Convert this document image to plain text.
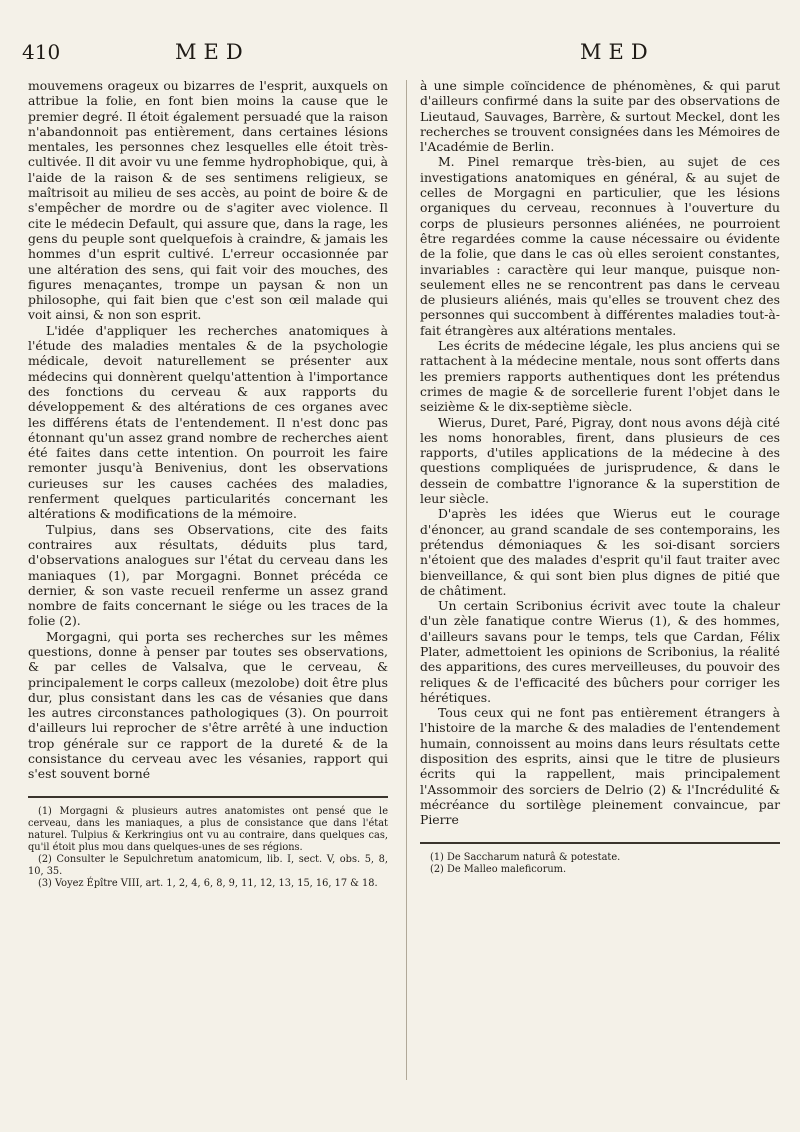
410	MED	MED

mouvemens orageux ou bizarres de l'esprit, auxquels on attribue la folie, en font bien moins la cause que le premier degré. Il étoit également persuadé que la raison n'abandonnoit pas entièrement, dans certaines lésions mentales, les personnes chez lesquelles elle étoit très-cultivée. Il dit avoir vu une femme hydrophobique, qui, à l'aide de la raison & de ses sentimens religieux, se maîtrisoit au milieu de ses accès, au point de boire & de s'empêcher de mordre ou de s'agiter avec violence. Il cite le médecin Default, qui assure que, dans la rage, les gens du peuple sont quelquefois à craindre, & jamais les hommes d'un esprit cultivé. L'erreur occasionnée par une altération des sens, qui fait voir des mouches, des figures menaçantes, trompe un paysan & non un philosophe, qui fait bien que c'est son œil malade qui voit ainsi, & non son esprit.

L'idée d'appliquer les recherches anatomiques à l'étude des maladies mentales & de la psychologie médicale, devoit naturellement se présenter aux médecins qui donnèrent quelqu'attention à l'importance des fonctions du cerveau & aux rapports du développement & des altérations de ces organes avec les différens états de l'entendement. Il n'est donc pas étonnant qu'un assez grand nombre de recherches aient été faites dans cette intention. On pourroit les faire remonter jusqu'à Benivenius, dont les observations curieuses sur les causes cachées des maladies, renferment quelques particularités concernant les altérations & modifications de la mémoire.

Tulpius, dans ses Observations, cite des faits contraires aux résultats, déduits plus tard, d'observations analogues sur l'état du cerveau dans les maniaques (1), par Morgagni. Bonnet précéda ce dernier, & son vaste recueil renferme un assez grand nombre de faits concernant le siége ou les traces de la folie (2).

Morgagni, qui porta ses recherches sur les mêmes questions, donne à penser par toutes ses observations, & par celles de Valsalva, que le cerveau, & principalement le corps calleux (mezolobe) doit être plus dur, plus consistant dans les cas de vésanies que dans les autres circonstances pathologiques (3). On pourroit d'ailleurs lui reprocher de s'être arrêté à une induction trop générale sur ce rapport de la dureté & de la consistance du cerveau avec les vésanies, rapport qui s'est souvent borné

(1) Morgagni & plusieurs autres anatomistes ont pensé que le cerveau, dans les maniaques, a plus de consistance que dans l'état naturel. Tulpius & Kerkringius ont vu au contraire, dans quelques cas, qu'il étoit plus mou dans quelques-unes de ses régions.

(2) Consulter le Sepulchretum anatomicum, lib. I, sect. V, obs. 5, 8, 10, 35.

(3) Voyez Épître VIII, art. 1, 2, 4, 6, 8, 9, 11, 12, 13, 15, 16, 17 & 18.

à une simple coïncidence de phénomènes, & qui parut d'ailleurs confirmé dans la suite par des observations de Lieutaud, Sauvages, Barrère, & surtout Meckel, dont les recherches se trouvent consignées dans les Mémoires de l'Académie de Berlin.

M. Pinel remarque très-bien, au sujet de ces investigations anatomiques en général, & au sujet de celles de Morgagni en particulier, que les lésions organiques du cerveau, reconnues à l'ouverture du corps de plusieurs personnes aliénées, ne pourroient être regardées comme la cause nécessaire ou évidente de la folie, que dans le cas où elles seroient constantes, invariables : caractère qui leur manque, puisque non-seulement elles ne se rencontrent pas dans le cerveau de plusieurs aliénés, mais qu'elles se trouvent chez des personnes qui succombent à différentes maladies tout-à-fait étrangères aux altérations mentales.

Les écrits de médecine légale, les plus anciens qui se rattachent à la médecine mentale, nous sont offerts dans les premiers rapports authentiques dont les prétendus crimes de magie & de sorcellerie furent l'objet dans le seizième & le dix-septième siècle.

Wierus, Duret, Paré, Pigray, dont nous avons déjà cité les noms honorables, firent, dans plusieurs de ces rapports, d'utiles applications de la médecine à des questions compliquées de jurisprudence, & dans le dessein de combattre l'ignorance & la superstition de leur siècle.

D'après les idées que Wierus eut le courage d'énoncer, au grand scandale de ses contemporains, les prétendus démoniaques & les soi-disant sorciers n'étoient que des malades d'esprit qu'il faut traiter avec bienveillance, & qui sont bien plus dignes de pitié que de châtiment.

Un certain Scribonius écrivit avec toute la chaleur d'un zèle fanatique contre Wierus (1), & des hommes, d'ailleurs savans pour le temps, tels que Cardan, Félix Plater, admettoient les opinions de Scribonius, la réalité des apparitions, des cures merveilleuses, du pouvoir des reliques & de l'efficacité des bûchers pour corriger les hérétiques.

Tous ceux qui ne font pas entièrement étrangers à l'histoire de la marche & des maladies de l'entendement humain, connoissent au moins dans leurs résultats cette disposition des esprits, ainsi que le titre de plusieurs écrits qui la rappellent, mais principalement l'Assommoir des sorciers de Delrio (2) & l'Incrédulité & mécréance du sortilège pleinement convaincue, par Pierre

(1) De Saccharum naturâ & potestate.

(2) De Malleo maleficorum.
